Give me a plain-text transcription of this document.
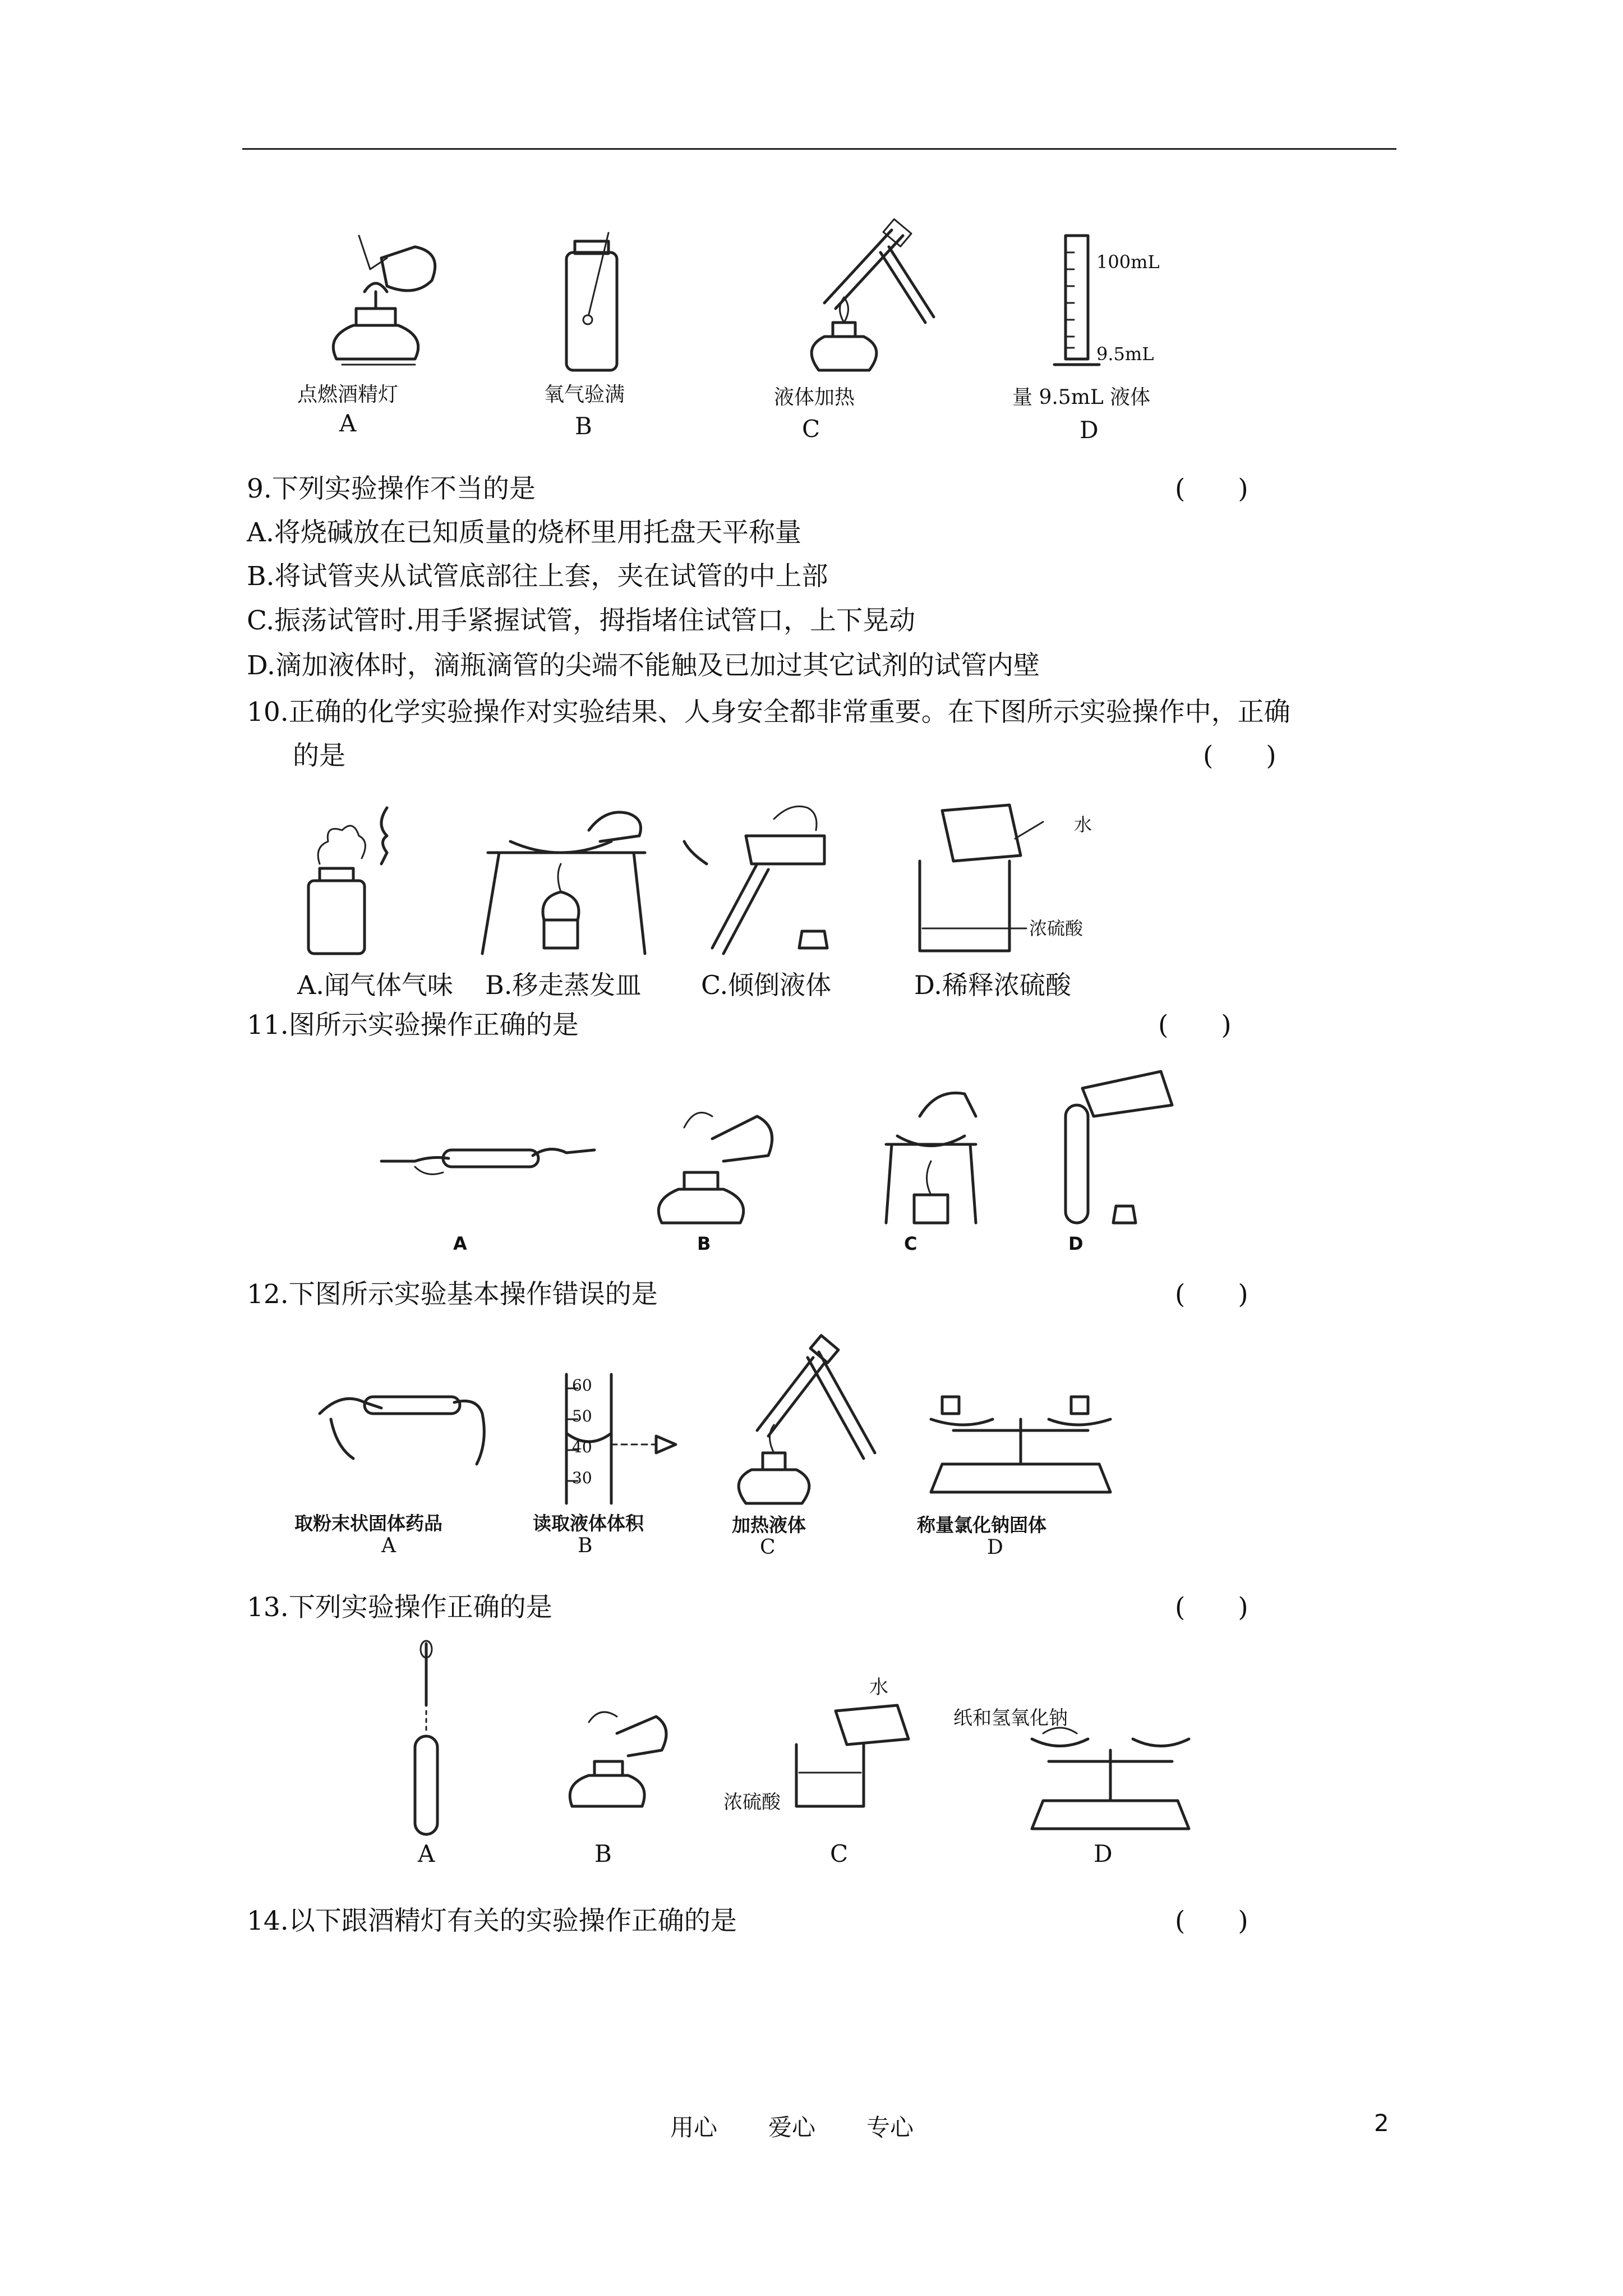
100mL
9.5mL
点燃酒精灯	氧气验满	液体加热	量 9.5mL 液体
A	B	C	D
9.下列实验操作不当的是	(　　)
A.将烧碱放在已知质量的烧杯里用托盘天平称量
B.将试管夹从试管底部往上套，夹在试管的中上部
C.振荡试管时.用手紧握试管，拇指堵住试管口，上下晃动
D.滴加液体时，滴瓶滴管的尖端不能触及已加过其它试剂的试管内壁
10.正确的化学实验操作对实验结果、人身安全都非常重要。在下图所示实验操作中，正确
的是	(　　)
水
浓硫酸
A.闻气体气味 B.移走蒸发皿 C.倾倒液体	D.稀释浓硫酸
11.图所示实验操作正确的是	(　　)
A	B	C	D
12.下图所示实验基本操作错误的是	(　　)
60
50
40
30
取粉末状固体药品	读取液体体积	加热液体	称量氯化钠固体
A	B	C	D
13.下列实验操作正确的是	(　　)
水
浓硫酸
纸和氢氧化钠
A	B	C	D
14.以下跟酒精灯有关的实验操作正确的是	(　　)
用心 爱心 专心	2
